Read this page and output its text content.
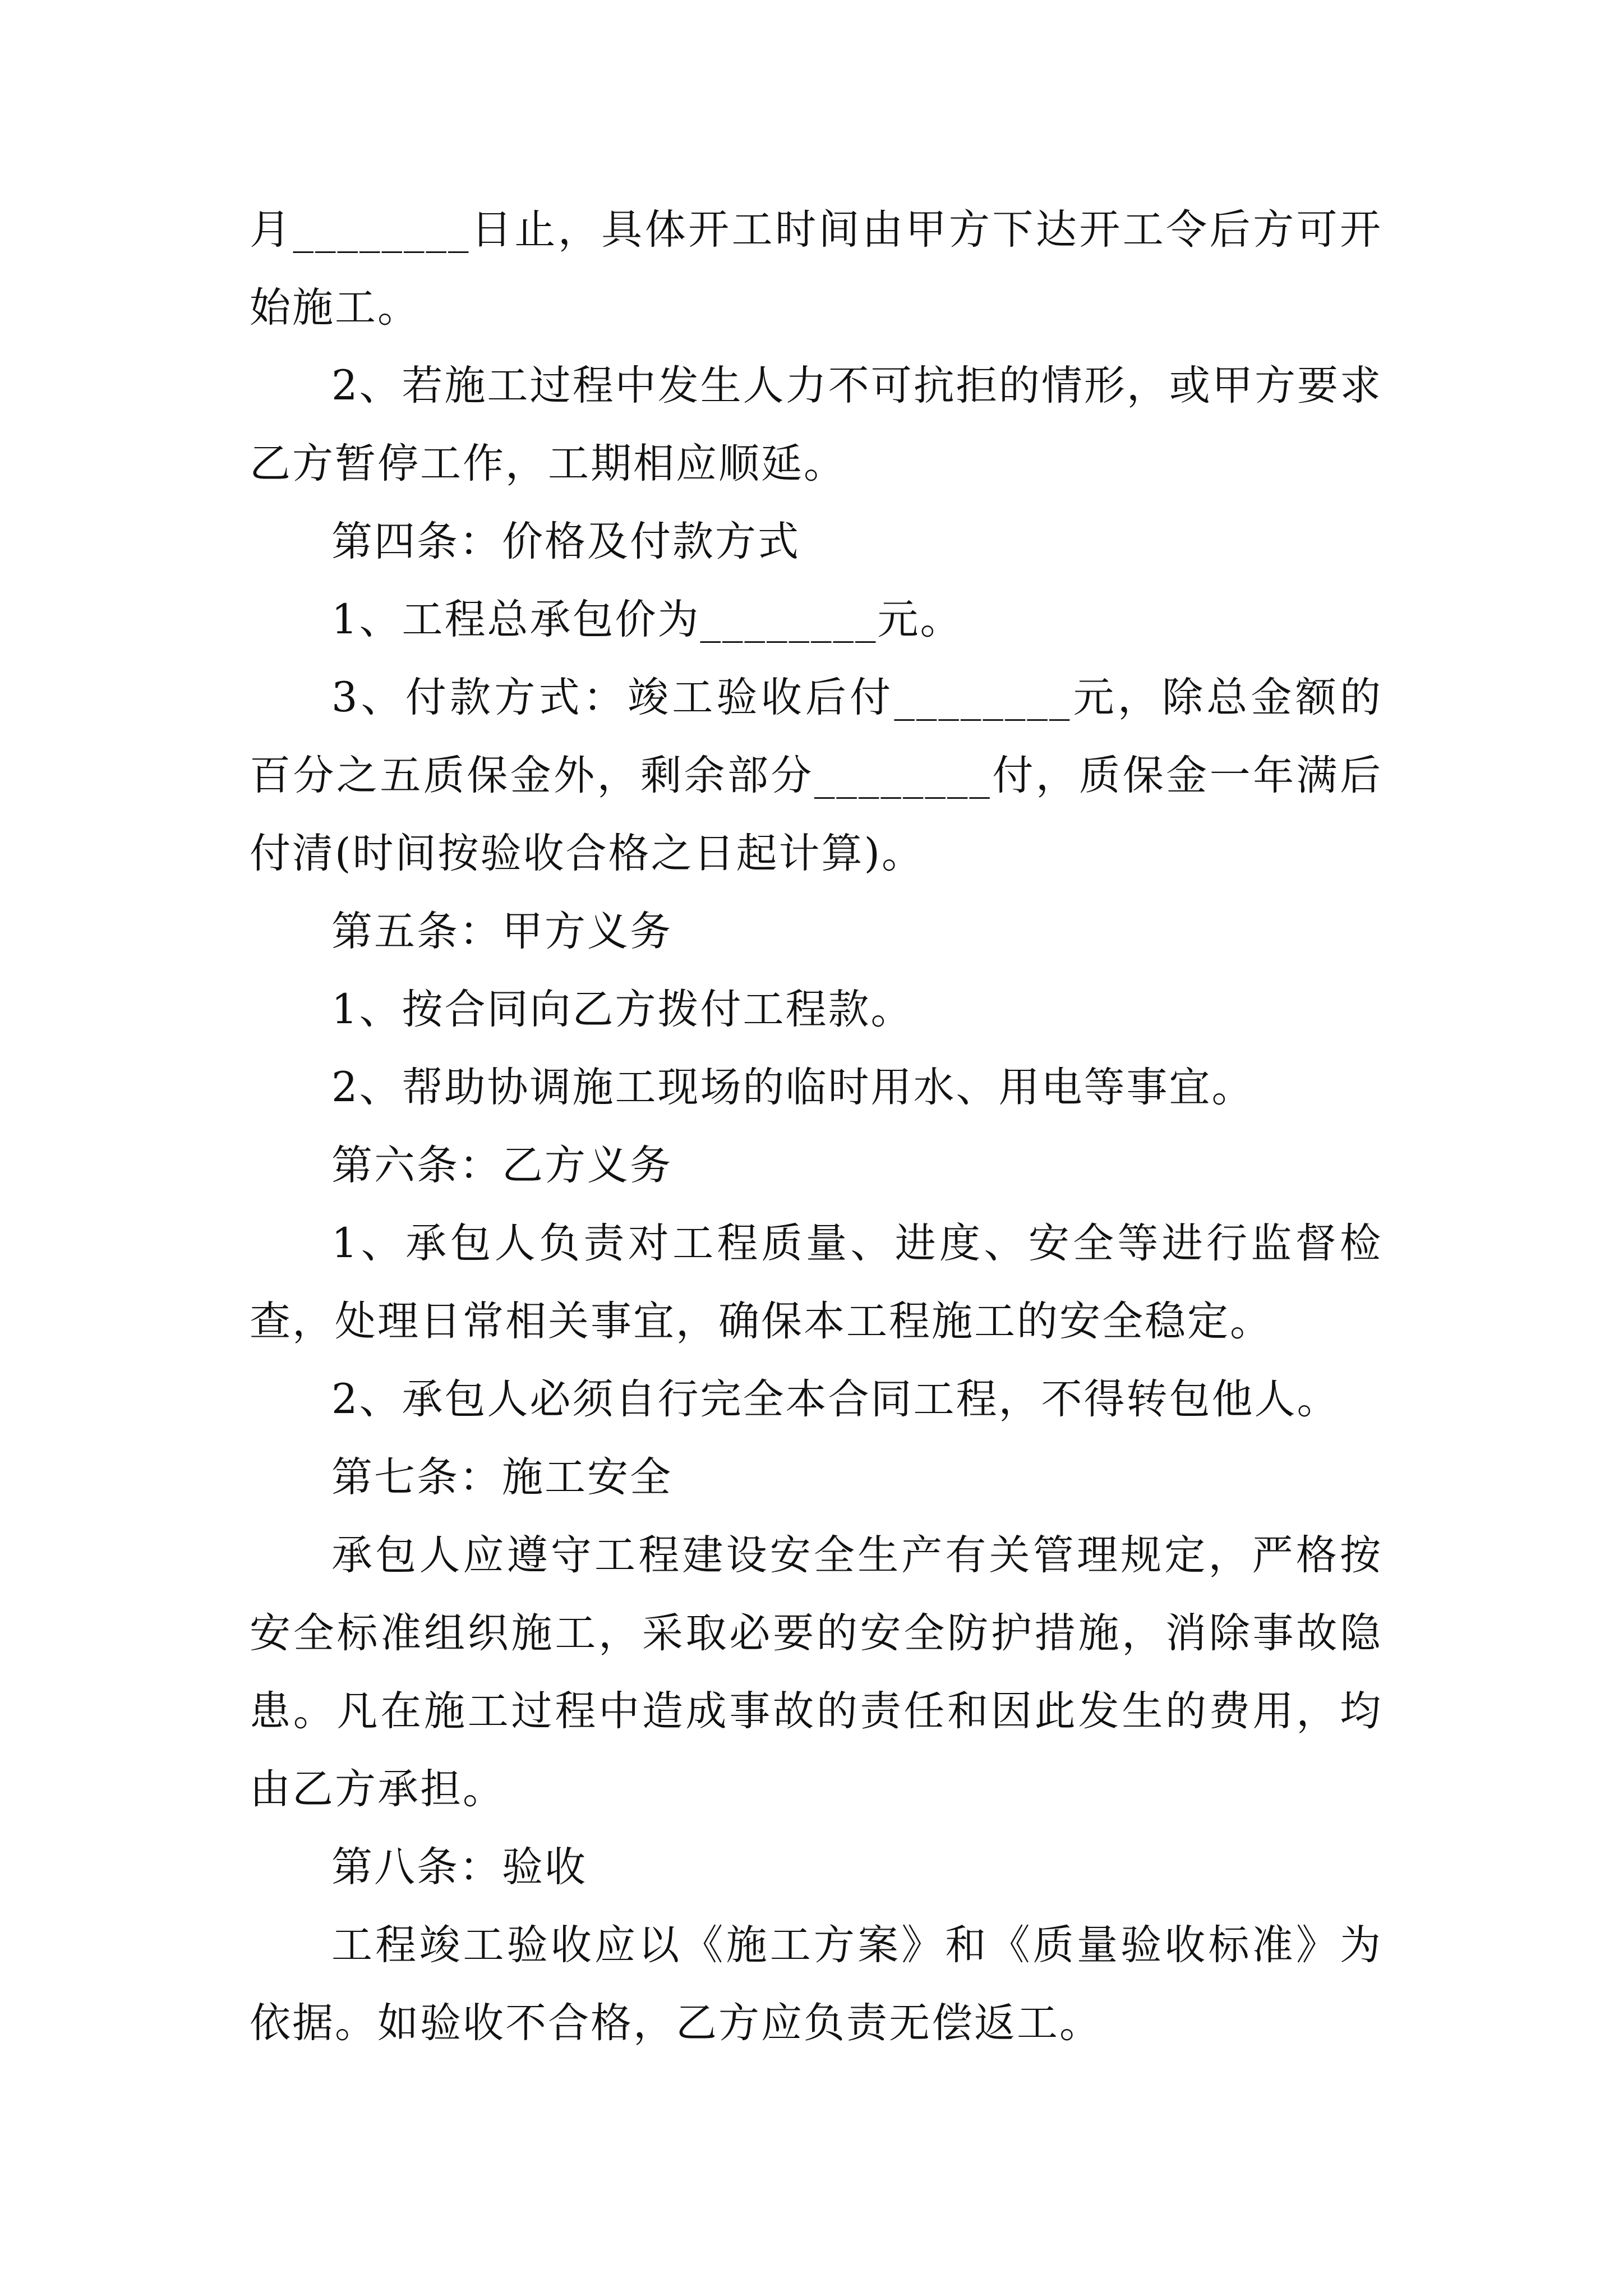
月________日止，具体开工时间由甲方下达开工令后方可开始施工。

2、若施工过程中发生人力不可抗拒的情形，或甲方要求乙方暂停工作，工期相应顺延。

第四条：价格及付款方式

1、工程总承包价为________元。

3、付款方式：竣工验收后付________元，除总金额的百分之五质保金外，剩余部分________付，质保金一年满后付清(时间按验收合格之日起计算)。

第五条：甲方义务

1、按合同向乙方拨付工程款。

2、帮助协调施工现场的临时用水、用电等事宜。

第六条：乙方义务

1、承包人负责对工程质量、进度、安全等进行监督检查，处理日常相关事宜，确保本工程施工的安全稳定。

2、承包人必须自行完全本合同工程，不得转包他人。

第七条：施工安全

承包人应遵守工程建设安全生产有关管理规定，严格按安全标准组织施工，采取必要的安全防护措施，消除事故隐患。凡在施工过程中造成事故的责任和因此发生的费用，均由乙方承担。

第八条：验收

工程竣工验收应以《施工方案》和《质量验收标准》为依据。如验收不合格，乙方应负责无偿返工。
